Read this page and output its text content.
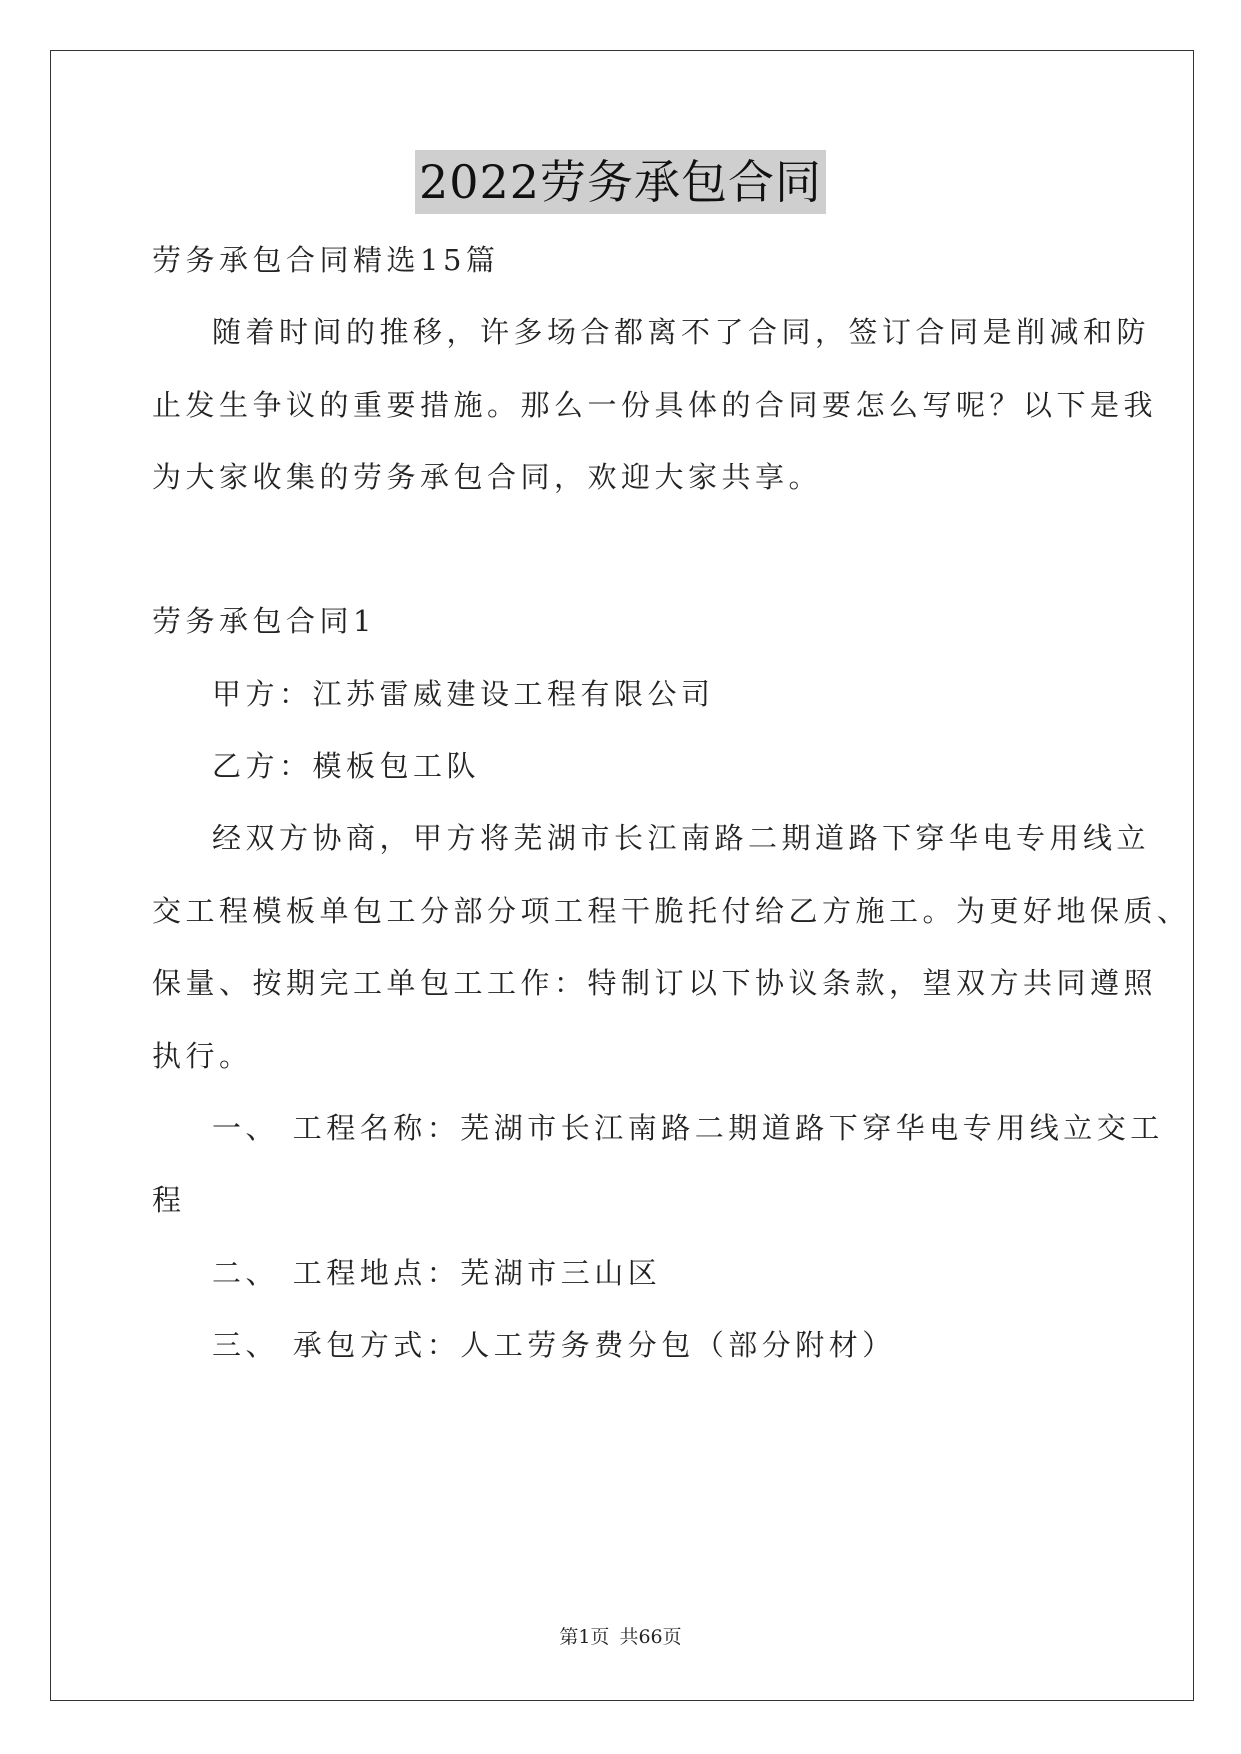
2022劳务承包合同
劳务承包合同精选15篇
随着时间的推移，许多场合都离不了合同，签订合同是削减和防
止发生争议的重要措施。那么一份具体的合同要怎么写呢？以下是我
为大家收集的劳务承包合同，欢迎大家共享。
劳务承包合同1
甲方：江苏雷威建设工程有限公司
乙方：模板包工队
经双方协商，甲方将芜湖市长江南路二期道路下穿华电专用线立
交工程模板单包工分部分项工程干脆托付给乙方施工。为更好地保质、
保量、按期完工单包工工作：特制订以下协议条款，望双方共同遵照
执行。
一、 工程名称：芜湖市长江南路二期道路下穿华电专用线立交工
程
二、 工程地点：芜湖市三山区
三、 承包方式：人工劳务费分包（部分附材）
第1页 共66页
